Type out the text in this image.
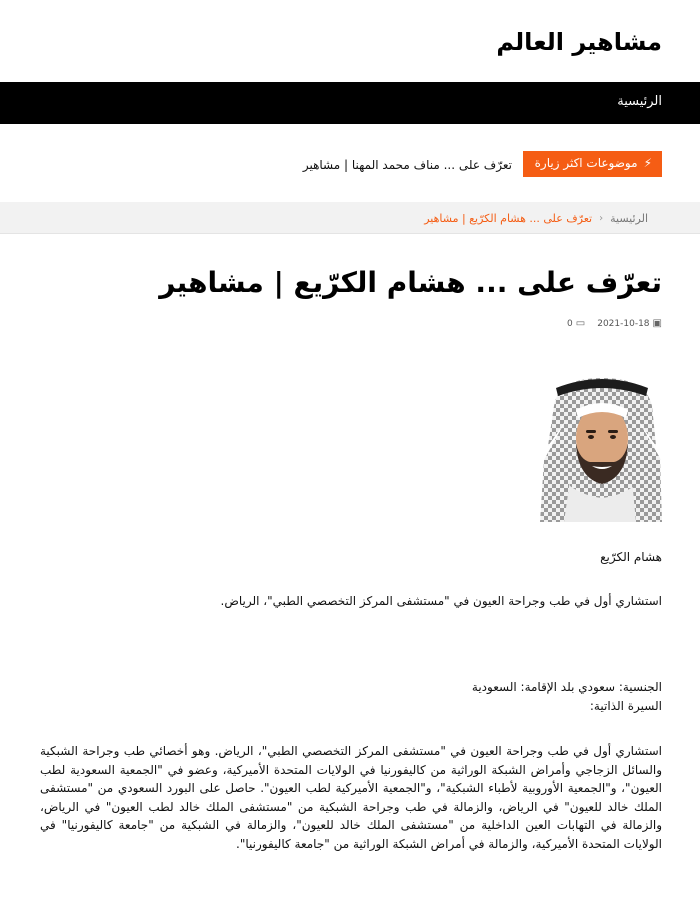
مشاهير العالم
الرئيسية
⚡
موضوعات اكثر زيارة
تعرّف على ... مناف محمد المهنا | مشاهير
الرئيسية
‹
تعرّف على ... هشام الكرّيع | مشاهير
تعرّف على ... هشام الكرّيع | مشاهير
▣
2021-10-18
▭
0

هشام الكرّيع

استشاري أول في طب وجراحة العيون في "مستشفى المركز التخصصي الطبي"، الرياض.

الجنسية: سعودي بلد الإقامة: السعودية

السيرة الذاتية:

استشاري أول في طب وجراحة العيون في "مستشفى المركز التخصصي الطبي"، الرياض. وهو أخصائي طب وجراحة الشبكية والسائل الزجاجي وأمراض الشبكة الوراثية من كاليفورنيا في الولايات المتحدة الأميركية، وعضو في "الجمعية السعودية لطب العيون"، و"الجمعية الأوروبية لأطباء الشبكية"، و"الجمعية الأميركية لطب العيون". حاصل على البورد السعودي من "مستشفى الملك خالد للعيون" في الرياض، والزمالة في طب وجراحة الشبكية من "مستشفى الملك خالد لطب العيون" في الرياض، والزمالة في التهابات العين الداخلية من "مستشفى الملك خالد للعيون"، والزمالة في الشبكية من "جامعة كاليفورنيا" في الولايات المتحدة الأميركية، والزمالة في أمراض الشبكة الوراثية من "جامعة كاليفورنيا".
